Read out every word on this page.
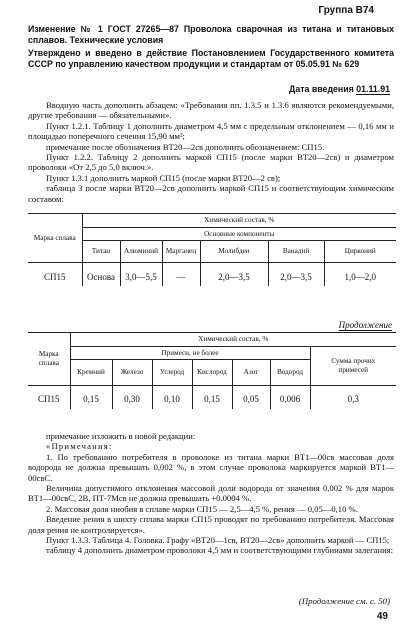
Группа В74
Изменение № 1 ГОСТ 27265—87 Проволока сварочная из титана и титановых сплавов. Технические условия
Утверждено и введено в действие Постановлением Государственного комитета СССР по управлению качеством продукции и стандартам от 05.05.91 № 629
Дата введения 01.11.91

Вводную часть дополнить абзацем: «Требования пп. 1.3.5 и 1.3.6 являются рекомендуемыми, другие требования — обязательными».

Пункт 1.2.1. Таблицу 1 дополнить диаметром 4,5 мм с предельным отклонением — 0,16 мм и площадью поперечного сечения 15,90 мм²;

примечание после обозначения ВТ20—2св дополнить обозначением: СП15.

Пункт 1.2.2. Таблицу 2 дополнить маркой СП15 (после марки ВТ20—2св) и диаметром проволоки «От 2,5 до 5,0 включ.».

Пункт 1.3.1 дополнить маркой СП15 (после марки ВТ20—2 св);

таблица 3 после марки ВТ20—2св дополнить маркой СП15 и соответствующим химическим составом:

Марка сплава	Химический состав, %					
	Основные компоненты					
	Титан	Алюминий	Марганец	Молибден	Ванадий	Цирконий
СП15	Основа	3,0—5,5	—	2,0—3,5	2,0—3,5	1,0—2,0
Продолжение
Марка сплава	Химический состав, %						
	Примеси, не более						Сумма прочих примесей
	Кремний	Железо	Углерод	Кислород	Азот	Водород	
СП15	0,15	0,30	0,10	0,15	0,05	0,006	0,3

примечание изложить в новой редакции:

«Примечания:

1. По требованию потребителя в проволоке из титана марки ВТ1—00св массовая доля водорода не должна превышать 0,002 %, в этом случае проволока маркируется маркой ВТ1—00свС.

Величина допустимого отклонения массовой доли водорода от значения 0,002 % для марок ВТ1—00свС, 2В, ПТ-7Мсв не должна превышать +0.0004 %.

2. Массовая доля ниобия в сплаве марки СП15 — 2,5—4,5 %, рения — 0,05—0,10 %.

Введение рения в шихту сплава марки СП15 проводят по требованию потребителя. Массовая доля рения не контролируется».

Пункт 1.3.3. Таблица 4. Головка. Графу «ВТ20—1св, ВТ20—2св» дополнить маркой — СП15;

таблицу 4 дополнить диаметром проволоки 4,5 мм и соответствующими глубинами залегания:

(Продолжение см. с. 50)
49
